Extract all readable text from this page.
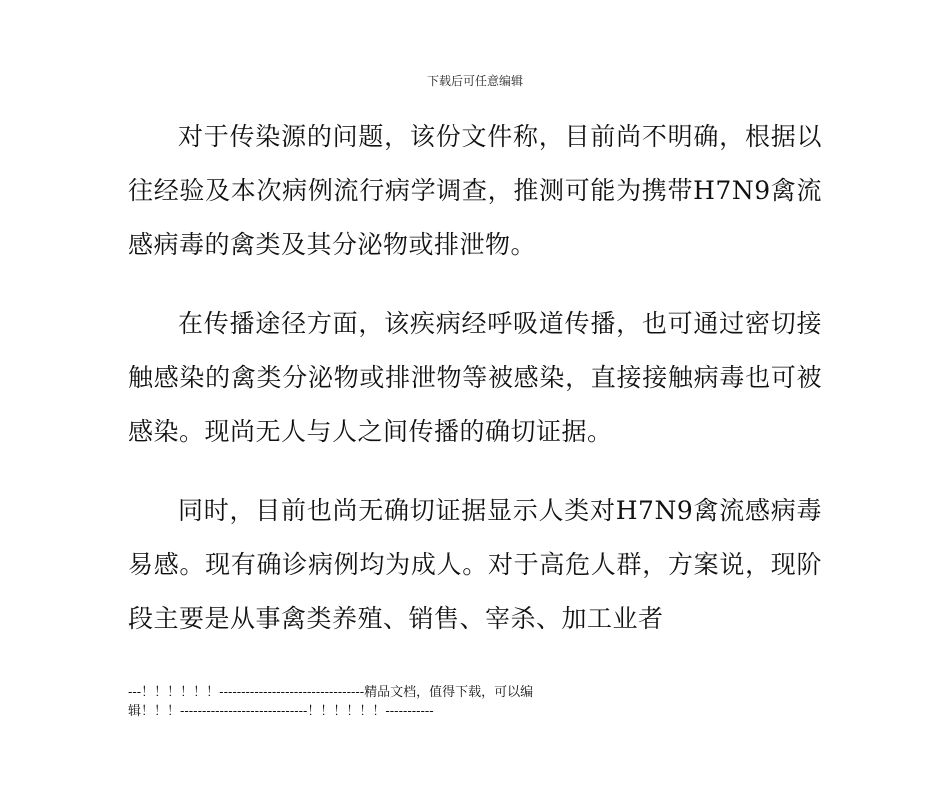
下载后可任意编辑

对于传染源的问题，该份文件称，目前尚不明确，根据以往经验及本次病例流行病学调查，推测可能为携带H7N9禽流感病毒的禽类及其分泌物或排泄物。

在传播途径方面，该疾病经呼吸道传播，也可通过密切接触感染的禽类分泌物或排泄物等被感染，直接接触病毒也可被感染。现尚无人与人之间传播的确切证据。

同时，目前也尚无确切证据显示人类对H7N9禽流感病毒易感。现有确诊病例均为成人。对于高危人群，方案说，现阶段主要是从事禽类养殖、销售、宰杀、加工业者

---！！！！！！---------------------------------精品文档，值得下载，可以编
辑！！！-----------------------------！！！！！！-----------
